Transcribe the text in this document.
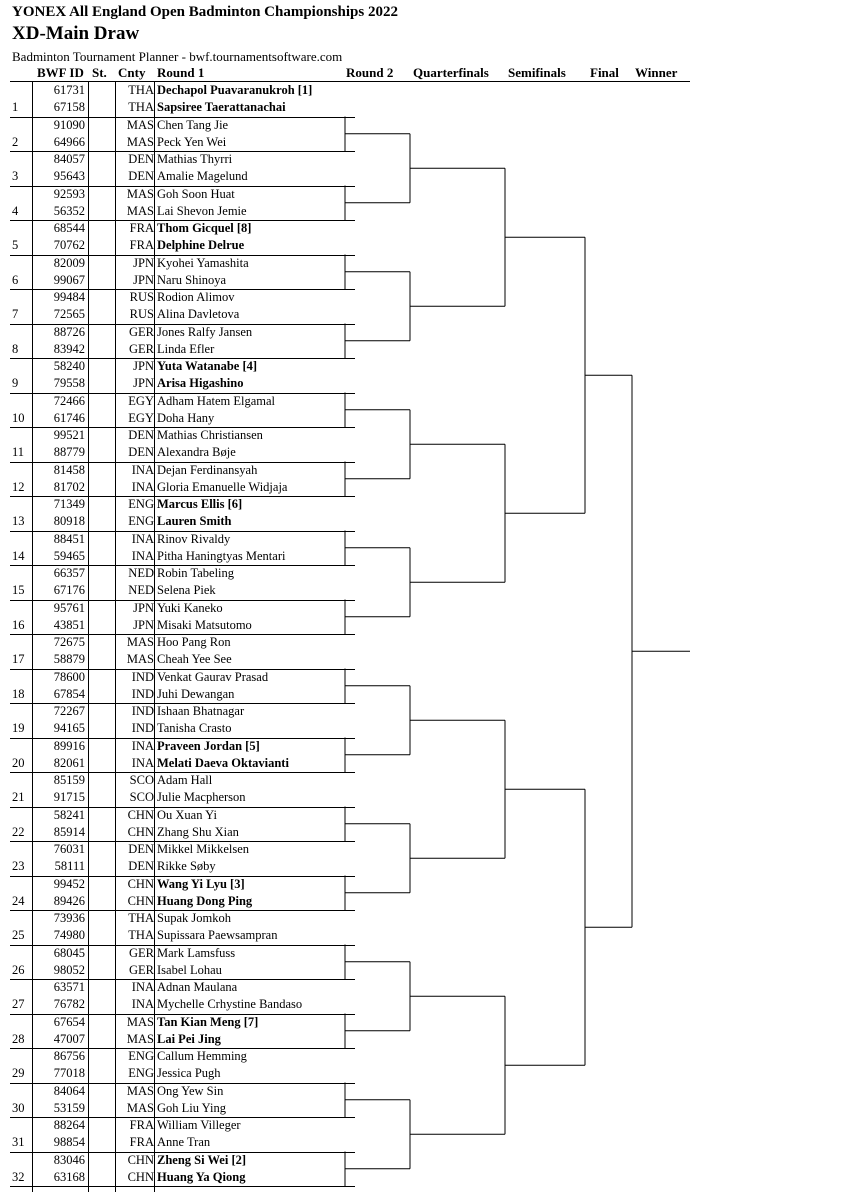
YONEX All England Open Badminton Championships 2022
XD-Main Draw
Badminton Tournament Planner - bwf.tournamentsoftware.com
BWF ID St. Cnty Round 1	Round 2 Quarterfinals Semifinals Final Winner
61731	THA Dechapol Puavaranukroh [1]
1	67158	THA Sapsiree Taerattanachai
91090	MAS Chen Tang Jie
2	64966	MAS Peck Yen Wei
84057	DEN Mathias Thyrri
3	95643	DEN Amalie Magelund
92593	MAS Goh Soon Huat
4	56352	MAS Lai Shevon Jemie
68544	FRA Thom Gicquel [8]
5	70762	FRA Delphine Delrue
82009	JPN Kyohei Yamashita
6	99067	JPN Naru Shinoya
99484	RUS Rodion Alimov
7	72565	RUS Alina Davletova
88726	GER Jones Ralfy Jansen
8	83942	GER Linda Efler
58240	JPN Yuta Watanabe [4]
9	79558	JPN Arisa Higashino
72466	EGY Adham Hatem Elgamal
10	61746	EGY Doha Hany
99521	DEN Mathias Christiansen
11	88779	DEN Alexandra Bøje
81458	INA Dejan Ferdinansyah
12	81702	INA Gloria Emanuelle Widjaja
71349	ENG Marcus Ellis [6]
13	80918	ENG Lauren Smith
88451	INA Rinov Rivaldy
14	59465	INA Pitha Haningtyas Mentari
66357	NED Robin Tabeling
15	67176	NED Selena Piek
95761	JPN Yuki Kaneko
16	43851	JPN Misaki Matsutomo
72675	MAS Hoo Pang Ron
17	58879	MAS Cheah Yee See
78600	IND Venkat Gaurav Prasad
18	67854	IND Juhi Dewangan
72267	IND Ishaan Bhatnagar
19	94165	IND Tanisha Crasto
89916	INA Praveen Jordan [5]
20	82061	INA Melati Daeva Oktavianti
85159	SCO Adam Hall
21	91715	SCO Julie Macpherson
58241	CHN Ou Xuan Yi
22	85914	CHN Zhang Shu Xian
76031	DEN Mikkel Mikkelsen
23	58111	DEN Rikke Søby
99452	CHN Wang Yi Lyu [3]
24	89426	CHN Huang Dong Ping
73936	THA Supak Jomkoh
25	74980	THA Supissara Paewsampran
68045	GER Mark Lamsfuss
26	98052	GER Isabel Lohau
63571	INA Adnan Maulana
27	76782	INA Mychelle Crhystine Bandaso
67654	MAS Tan Kian Meng [7]
28	47007	MAS Lai Pei Jing
86756	ENG Callum Hemming
29	77018	ENG Jessica Pugh
84064	MAS Ong Yew Sin
30	53159	MAS Goh Liu Ying
88264	FRA William Villeger
31	98854	FRA Anne Tran
83046	CHN Zheng Si Wei [2]
32	63168	CHN Huang Ya Qiong
